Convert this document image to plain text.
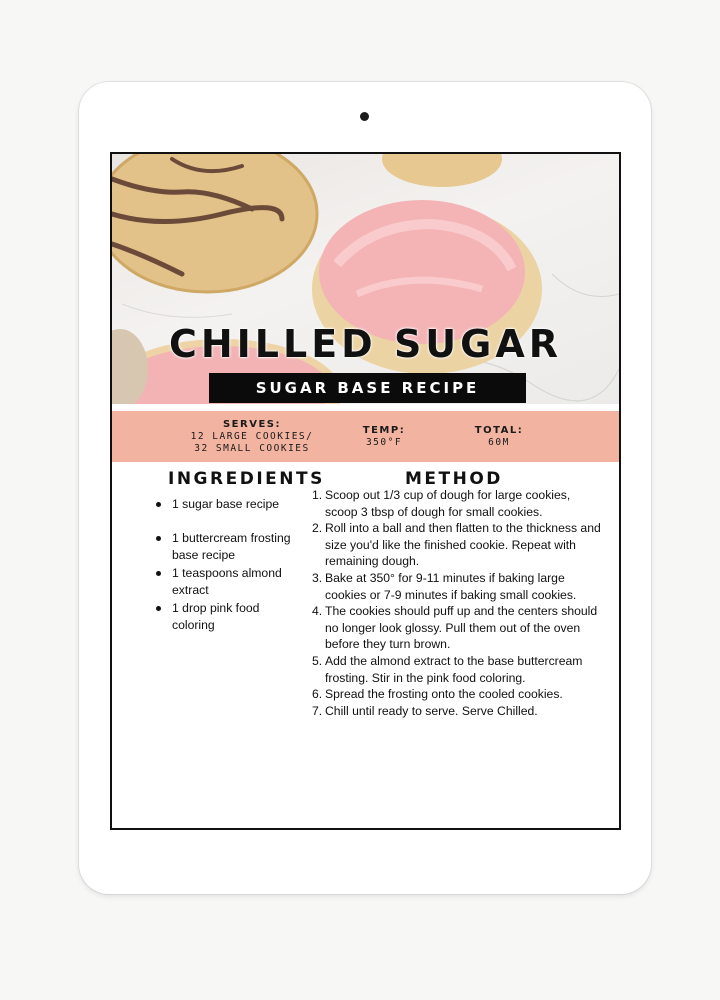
CHILLED SUGAR
SUGAR BASE RECIPE
SERVES:
12 LARGE COOKIES/
32 SMALL COOKIES
TEMP:
350°F
TOTAL:
60M
INGREDIENTS	METHOD
1 sugar base recipe
1 buttercream frosting base recipe
1 teaspoons almond extract
1 drop pink food coloring
1. Scoop out 1/3 cup of dough for large cookies, scoop 3 tbsp of dough for small cookies.
2. Roll into a ball and then flatten to the thickness and size you'd like the finished cookie. Repeat with remaining dough.
3. Bake at 350° for 9-11 minutes if baking large cookies or 7-9 minutes if baking small cookies.
4. The cookies should puff up and the centers should no longer look glossy. Pull them out of the oven before they turn brown.
5. Add the almond extract to the base buttercream frosting. Stir in the pink food coloring.
6. Spread the frosting onto the cooled cookies.
7. Chill until ready to serve. Serve Chilled.
